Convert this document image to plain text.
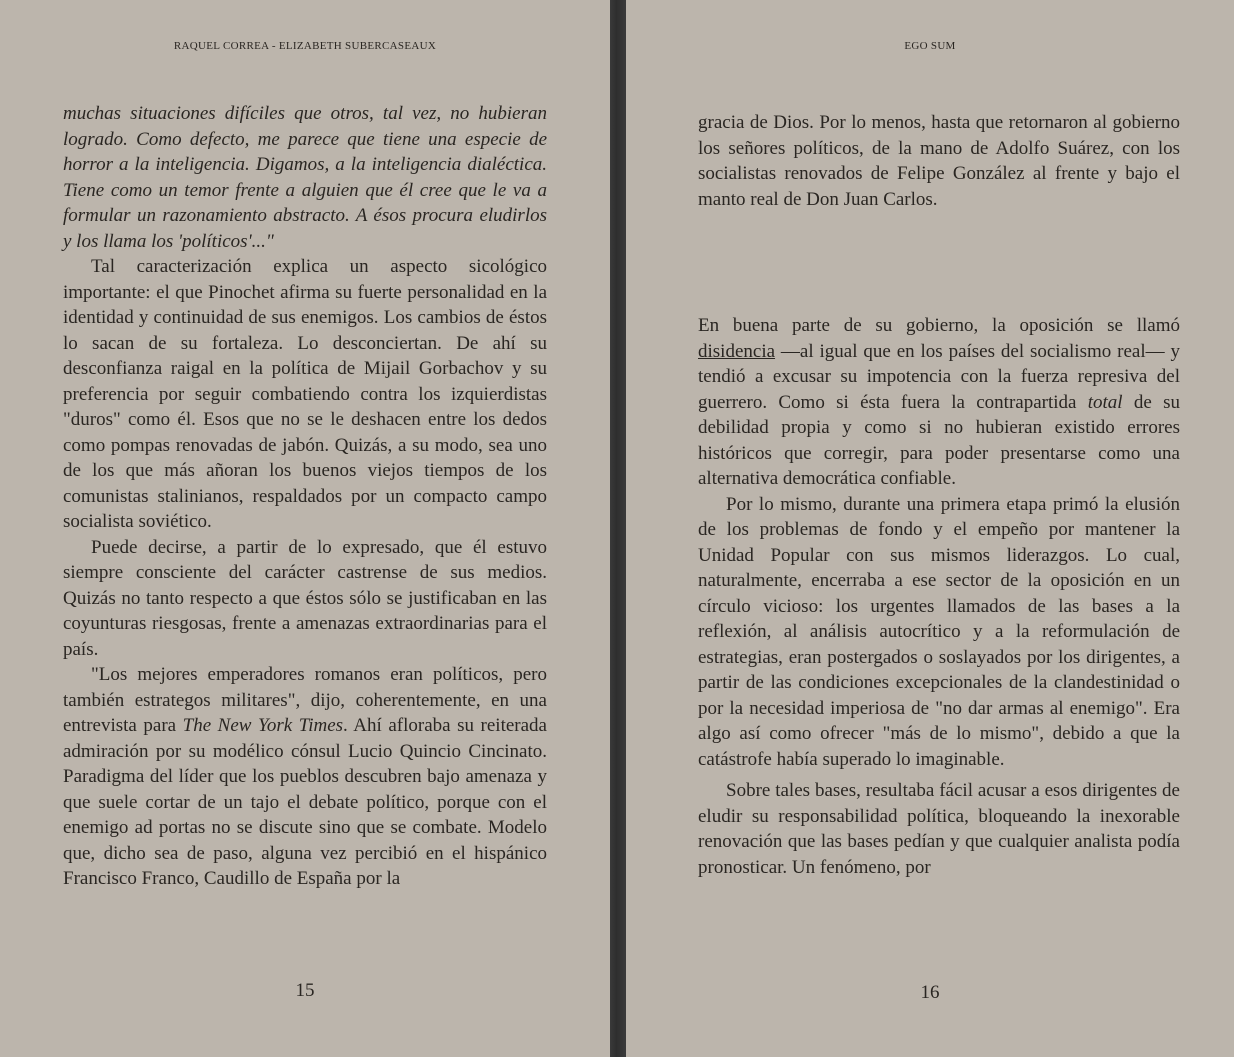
RAQUEL CORREA - ELIZABETH SUBERCASEAUX

muchas situaciones difíciles que otros, tal vez, no hubieran logrado. Como defecto, me parece que tiene una especie de horror a la inteligencia. Digamos, a la inteligencia dialéctica. Tiene como un temor frente a alguien que él cree que le va a formular un razonamiento abstracto. A ésos procura eludirlos y los llama los 'políticos'..."

Tal caracterización explica un aspecto sicológico importante: el que Pinochet afirma su fuerte personalidad en la identidad y continuidad de sus enemigos. Los cambios de éstos lo sacan de su fortaleza. Lo desconciertan. De ahí su desconfianza raigal en la política de Mijail Gorbachov y su preferencia por seguir combatiendo contra los izquierdistas "duros" como él. Esos que no se le deshacen entre los dedos como pompas renovadas de jabón. Quizás, a su modo, sea uno de los que más añoran los buenos viejos tiempos de los comunistas stalinianos, respaldados por un compacto campo socialista soviético.

Puede decirse, a partir de lo expresado, que él estuvo siempre consciente del carácter castrense de sus medios. Quizás no tanto respecto a que éstos sólo se justificaban en las coyunturas riesgosas, frente a amenazas extraordinarias para el país.

"Los mejores emperadores romanos eran políticos, pero también estrategos militares", dijo, coherentemente, en una entrevista para The New York Times. Ahí afloraba su reiterada admiración por su modélico cónsul Lucio Quincio Cincinato. Paradigma del líder que los pueblos descubren bajo amenaza y que suele cortar de un tajo el debate político, porque con el enemigo ad portas no se discute sino que se combate. Modelo que, dicho sea de paso, alguna vez percibió en el hispánico Francisco Franco, Caudillo de España por la

15
EGO SUM

gracia de Dios. Por lo menos, hasta que retornaron al gobierno los señores políticos, de la mano de Adolfo Suárez, con los socialistas renovados de Felipe González al frente y bajo el manto real de Don Juan Carlos.

En buena parte de su gobierno, la oposición se llamó disidencia —al igual que en los países del socialismo real— y tendió a excusar su impotencia con la fuerza represiva del guerrero. Como si ésta fuera la contrapartida total de su debilidad propia y como si no hubieran existido errores históricos que corregir, para poder presentarse como una alternativa democrática confiable.

Por lo mismo, durante una primera etapa primó la elusión de los problemas de fondo y el empeño por mantener la Unidad Popular con sus mismos liderazgos. Lo cual, naturalmente, encerraba a ese sector de la oposición en un círculo vicioso: los urgentes llamados de las bases a la reflexión, al análisis autocrítico y a la reformulación de estrategias, eran postergados o soslayados por los dirigentes, a partir de las condiciones excepcionales de la clandestinidad o por la necesidad imperiosa de "no dar armas al enemigo". Era algo así como ofrecer "más de lo mismo", debido a que la catástrofe había superado lo imaginable.

Sobre tales bases, resultaba fácil acusar a esos dirigentes de eludir su responsabilidad política, bloqueando la inexorable renovación que las bases pedían y que cualquier analista podía pronosticar. Un fenómeno, por

16
